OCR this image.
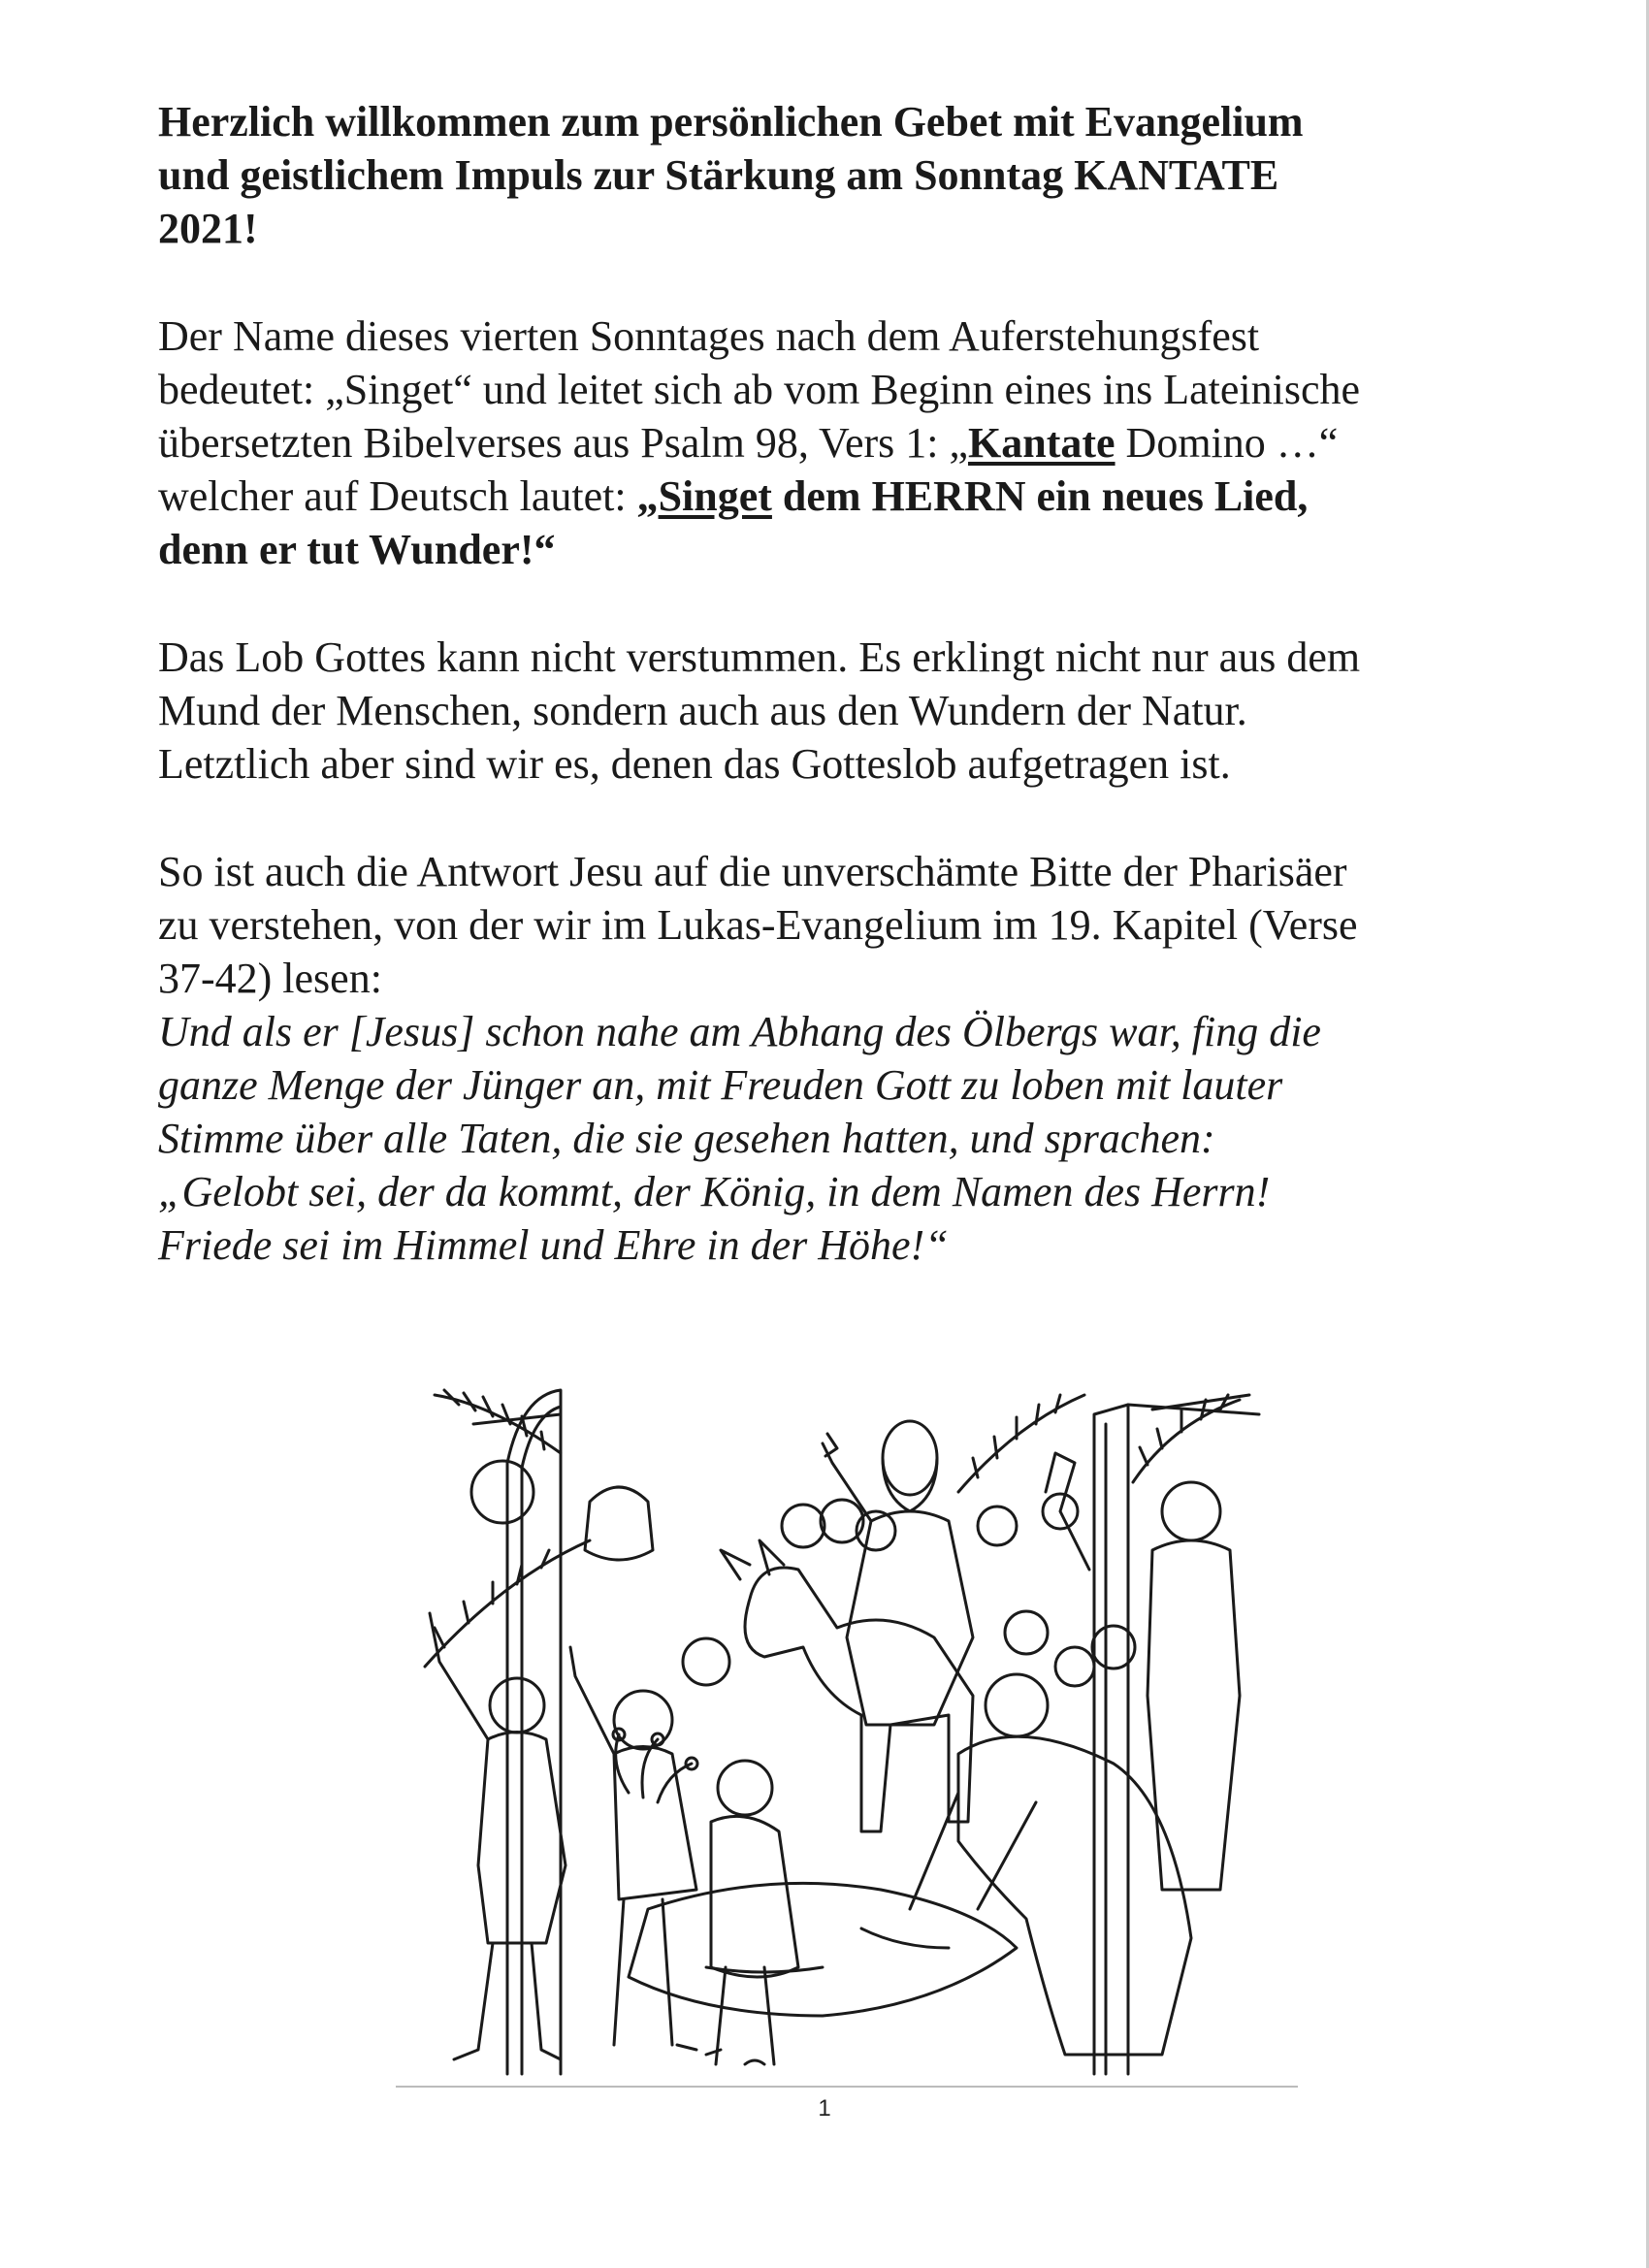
Herzlich willkommen zum persönlichen Gebet mit Evangelium
und geistlichem Impuls zur Stärkung am Sonntag KANTATE
2021!

Der Name dieses vierten Sonntages nach dem Auferstehungsfest
bedeutet: „Singet“ und leitet sich ab vom Beginn eines ins Lateinische
übersetzten Bibelverses aus Psalm 98, Vers 1: „Kantate Domino …“
welcher auf Deutsch lautet: „Singet dem HERRN ein neues Lied,
denn er tut Wunder!“

Das Lob Gottes kann nicht verstummen. Es erklingt nicht nur aus dem
Mund der Menschen, sondern auch aus den Wundern der Natur.
Letztlich aber sind wir es, denen das Gotteslob aufgetragen ist.

So ist auch die Antwort Jesu auf die unverschämte Bitte der Pharisäer
zu verstehen, von der wir im Lukas-Evangelium im 19. Kapitel (Verse
37-42) lesen:

Und als er [Jesus] schon nahe am Abhang des Ölbergs war, fing die
ganze Menge der Jünger an, mit Freuden Gott zu loben mit lauter
Stimme über alle Taten, die sie gesehen hatten, und sprachen:
„Gelobt sei, der da kommt, der König, in dem Namen des Herrn!
Friede sei im Himmel und Ehre in der Höhe!“

1
